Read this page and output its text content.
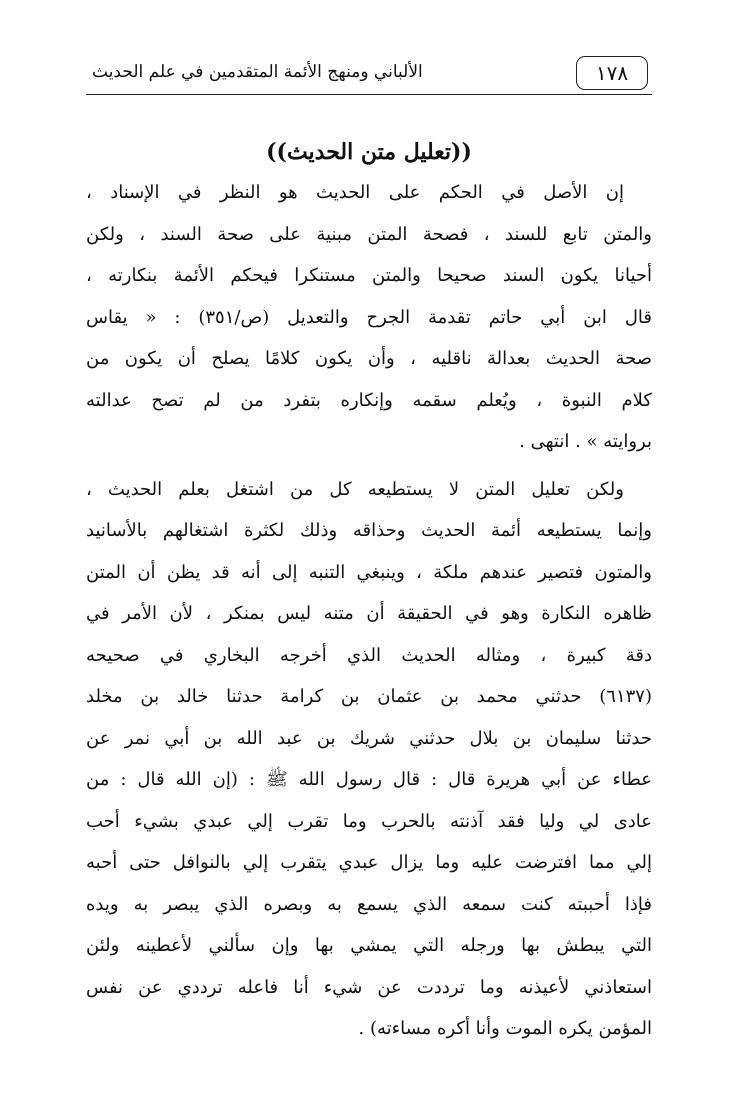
١٧٨
الألباني ومنهج الأئمة المتقدمين في علم الحديث
((تعليل متن الحديث))
إن الأصل في الحكم على الحديث هو النظر في الإسناد ،
والمتن تابع للسند ، فصحة المتن مبنية على صحة السند ، ولكن
أحيانا يكون السند صحيحا والمتن مستنكرا فيحكم الأئمة بنكارته ،
قال ابن أبي حاتم تقدمة الجرح والتعديل (ص/٣٥١) : « يقاس
صحة الحديث بعدالة ناقليه ، وأن يكون كلامًا يصلح أن يكون من
كلام النبوة ، ويُعلم سقمه وإنكاره بتفرد من لم تصح عدالته
بروايته » . انتهى .
ولكن تعليل المتن لا يستطيعه كل من اشتغل بعلم الحديث ،
وإنما يستطيعه أئمة الحديث وحذاقه وذلك لكثرة اشتغالهم بالأسانيد
والمتون فتصير عندهم ملكة ، وينبغي التنبه إلى أنه قد يظن أن المتن
ظاهره النكارة وهو في الحقيقة أن متنه ليس بمنكر ، لأن الأمر في
دقة كبيرة ، ومثاله الحديث الذي أخرجه البخاري في صحيحه
(٦١٣٧) حدثني محمد بن عثمان بن كرامة حدثنا خالد بن مخلد
حدثنا سليمان بن بلال حدثني شريك بن عبد الله بن أبي نمر عن
عطاء عن أبي هريرة قال : قال رسول الله ﷺ : (إن الله قال : من
عادى لي وليا فقد آذنته بالحرب وما تقرب إلي عبدي بشيء أحب
إلي مما افترضت عليه وما يزال عبدي يتقرب إلي بالنوافل حتى أحبه
فإذا أحببته كنت سمعه الذي يسمع به وبصره الذي يبصر به ويده
التي يبطش بها ورجله التي يمشي بها وإن سألني لأعطينه ولئن
استعاذني لأعيذنه وما ترددت عن شيء أنا فاعله ترددي عن نفس
المؤمن يكره الموت وأنا أكره مساءته) .
